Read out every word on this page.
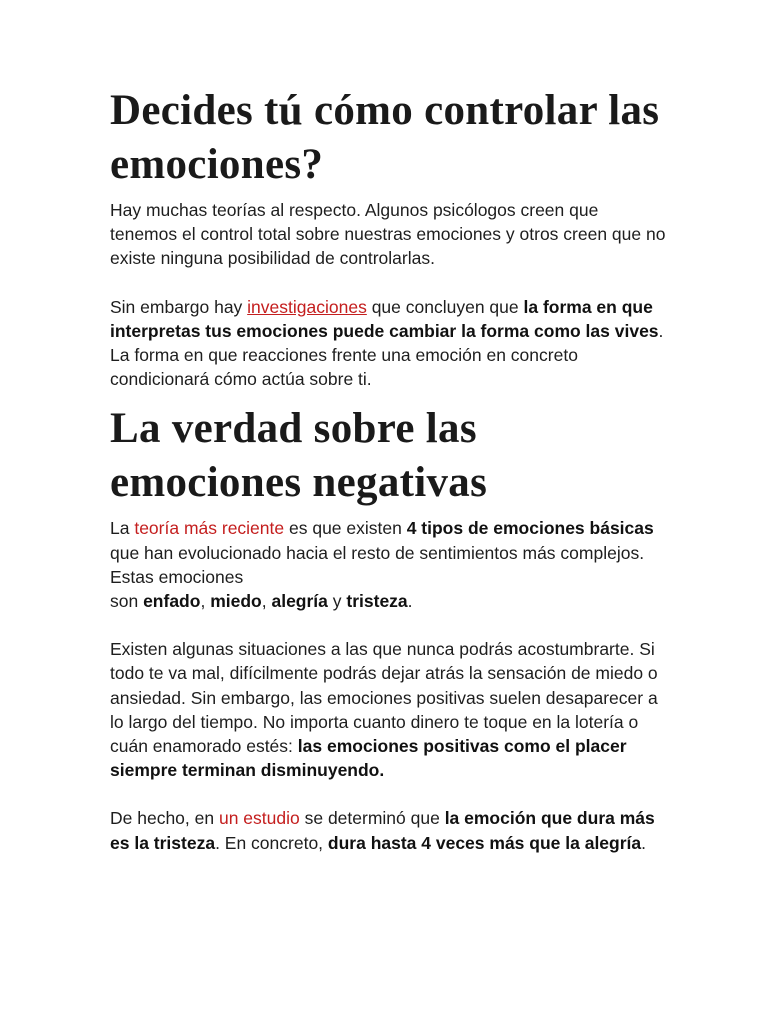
Decides tú cómo controlar las emociones?

Hay muchas teorías al respecto. Algunos psicólogos creen que tenemos el control total sobre nuestras emociones y otros creen que no existe ninguna posibilidad de controlarlas.

Sin embargo hay investigaciones que concluyen que la forma en que interpretas tus emociones puede cambiar la forma como las vives. La forma en que reacciones frente una emoción en concreto condicionará cómo actúa sobre ti.

La verdad sobre las emociones negativas

La teoría más reciente es que existen 4 tipos de emociones básicas que han evolucionado hacia el resto de sentimientos más complejos. Estas emociones
son enfado, miedo, alegría y tristeza.

Existen algunas situaciones a las que nunca podrás acostumbrarte. Si todo te va mal, difícilmente podrás dejar atrás la sensación de miedo o ansiedad. Sin embargo, las emociones positivas suelen desaparecer a lo largo del tiempo. No importa cuanto dinero te toque en la lotería o cuán enamorado estés: las emociones positivas como el placer siempre terminan disminuyendo.

De hecho, en un estudio se determinó que la emoción que dura más es la tristeza. En concreto, dura hasta 4 veces más que la alegría.
